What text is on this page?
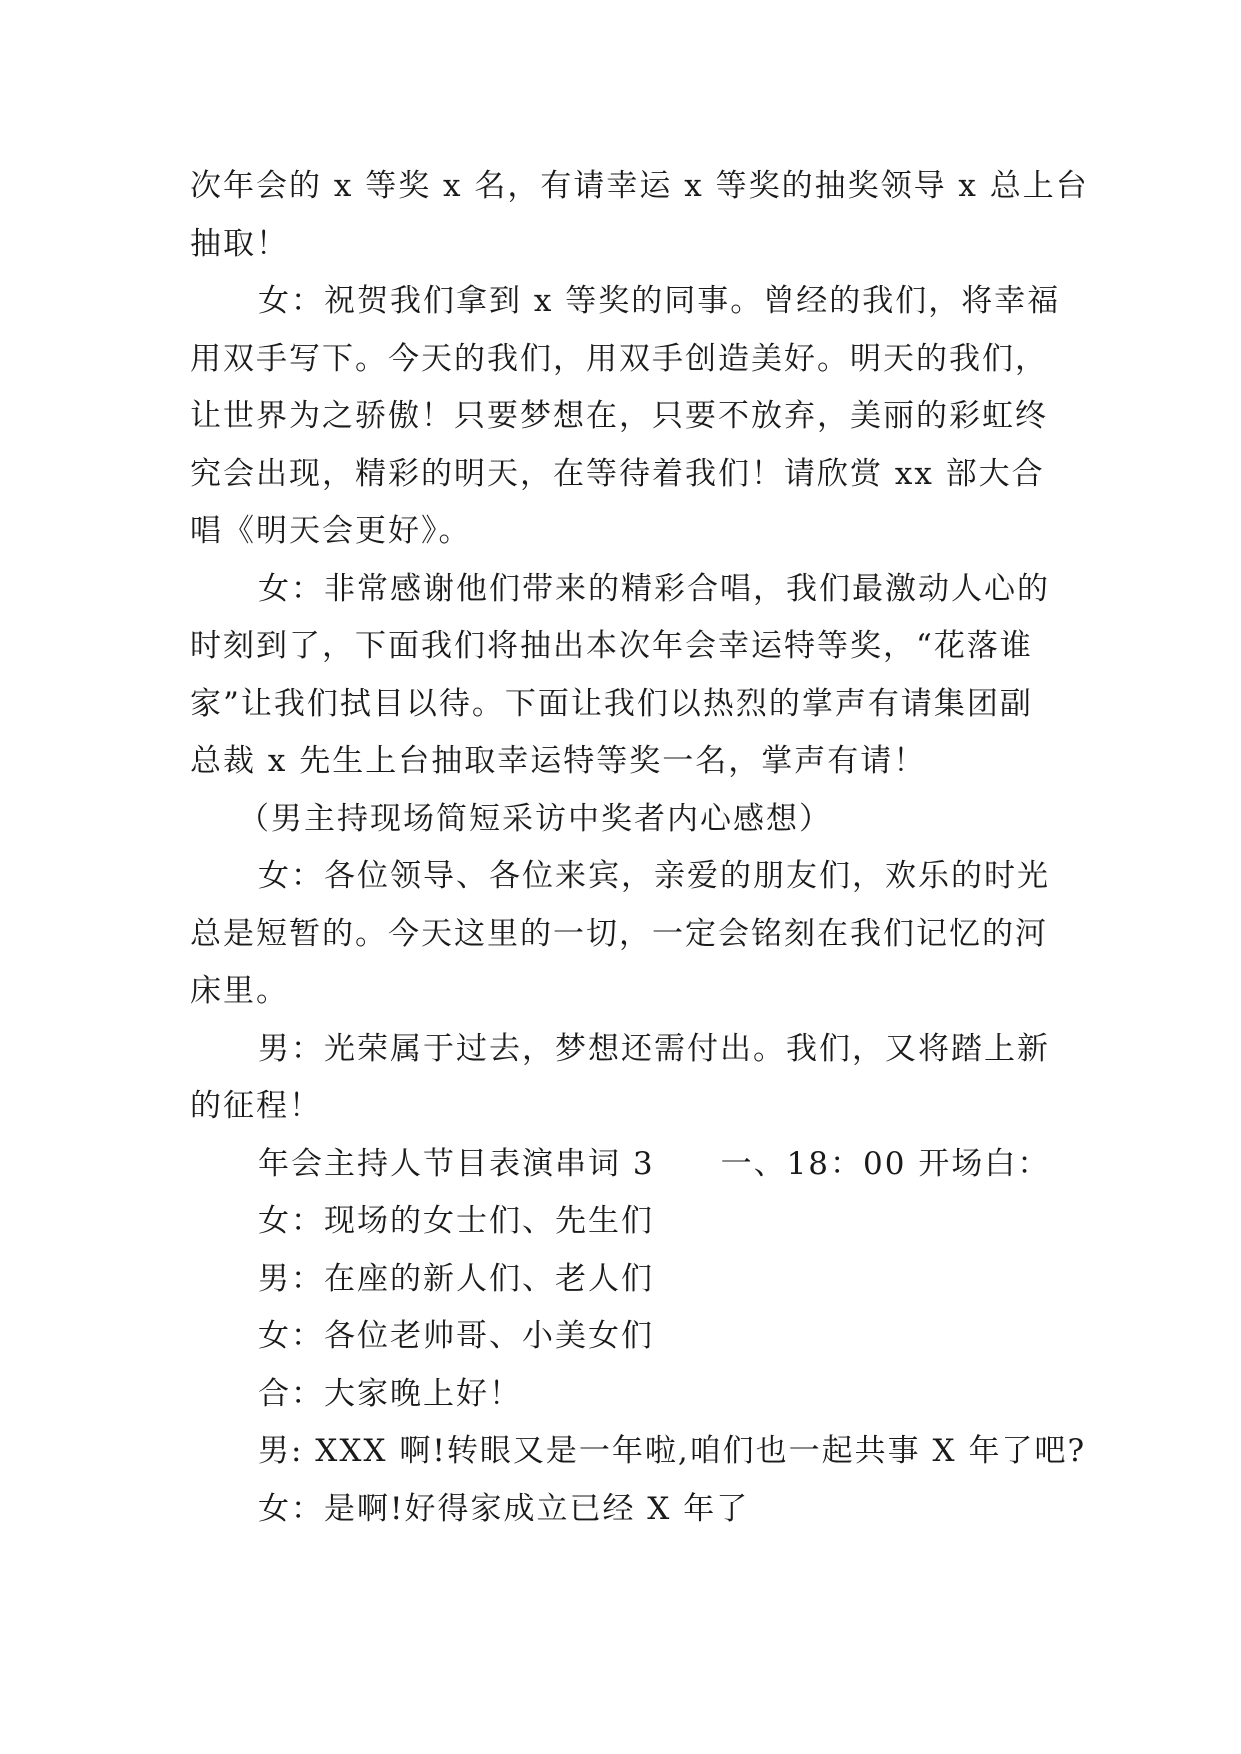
次年会的 x 等奖 x 名，有请幸运 x 等奖的抽奖领导 x 总上台
抽取！
女：祝贺我们拿到 x 等奖的同事。曾经的我们，将幸福
用双手写下。今天的我们，用双手创造美好。明天的我们，
让世界为之骄傲！只要梦想在，只要不放弃，美丽的彩虹终
究会出现，精彩的明天，在等待着我们！请欣赏 xx 部大合
唱《明天会更好》。
女：非常感谢他们带来的精彩合唱，我们最激动人心的
时刻到了，下面我们将抽出本次年会幸运特等奖，“花落谁
家”让我们拭目以待。下面让我们以热烈的掌声有请集团副
总裁 x 先生上台抽取幸运特等奖一名，掌声有请！
（男主持现场简短采访中奖者内心感想）
女：各位领导、各位来宾，亲爱的朋友们，欢乐的时光
总是短暂的。今天这里的一切，一定会铭刻在我们记忆的河
床里。
男：光荣属于过去，梦想还需付出。我们，又将踏上新
的征程！
年会主持人节目表演串词 3　　一、18：00 开场白：
女：现场的女士们、先生们
男：在座的新人们、老人们
女：各位老帅哥、小美女们
合：大家晚上好！
男: XXX 啊!转眼又是一年啦,咱们也一起共事 X 年了吧?
女：是啊!好得家成立已经 X 年了
